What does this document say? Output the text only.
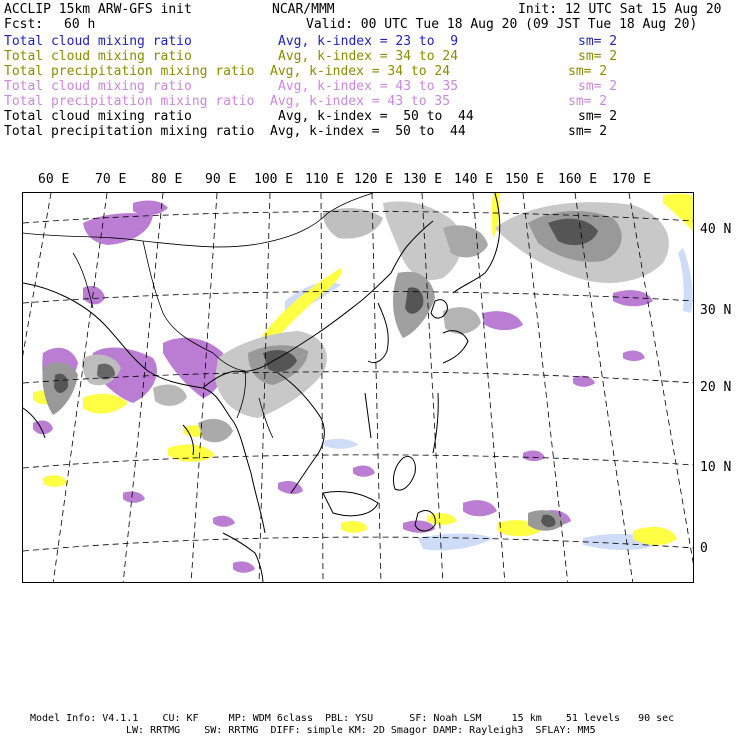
ACCLIP 15km ARW-GFS init	NCAR/MMM	Init: 12 UTC Sat 15 Aug 20
Fcst: 60 h	Valid: 00 UTC Tue 18 Aug 20 (09 JST Tue 18 Aug 20)
Total cloud mixing ratio	Avg, k-index = 23 to 9	sm= 2
Total cloud mixing ratio	Avg, k-index = 34 to 24	sm= 2
Total precipitation mixing ratio Avg, k-index = 34 to 24	sm= 2
Total cloud mixing ratio	Avg, k-index = 43 to 35	sm= 2
Total precipitation mixing ratio Avg, k-index = 43 to 35	sm= 2
Total cloud mixing ratio	Avg, k-index = 50 to 44	sm= 2
Total precipitation mixing ratio Avg, k-index = 50 to 44	sm= 2
60 E 70 E 80 E 90 E 100 E 110 E 120 E 130 E 140 E 150 E 160 E 170 E
40 N
30 N
20 N
10 N
0
Model Info: V4.1.1    CU: KF     MP: WDM 6class  PBL: YSU      SF: Noah LSM     15 km    51 levels   90 sec
LW: RRTMG    SW: RRTMG  DIFF: simple KM: 2D Smagor DAMP: Rayleigh3  SFLAY: MM5
